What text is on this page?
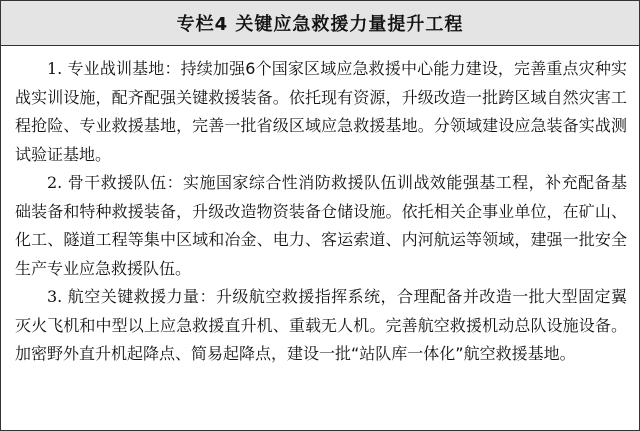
专栏4 关键应急救援力量提升工程

1. 专业战训基地：持续加强6个国家区域应急救援中心能力建设，完善重点灾种实战实训设施，配齐配强关键救援装备。依托现有资源，升级改造一批跨区域自然灾害工程抢险、专业救援基地，完善一批省级区域应急救援基地。分领域建设应急装备实战测试验证基地。

2. 骨干救援队伍：实施国家综合性消防救援队伍训战效能强基工程，补充配备基础装备和特种救援装备，升级改造物资装备仓储设施。依托相关企事业单位，在矿山、化工、隧道工程等集中区域和冶金、电力、客运索道、内河航运等领域，建强一批安全生产专业应急救援队伍。

3. 航空关键救援力量：升级航空救援指挥系统，合理配备并改造一批大型固定翼灭火飞机和中型以上应急救援直升机、重载无人机。完善航空救援机动总队设施设备。加密野外直升机起降点、简易起降点，建设一批“站队库一体化”航空救援基地。
